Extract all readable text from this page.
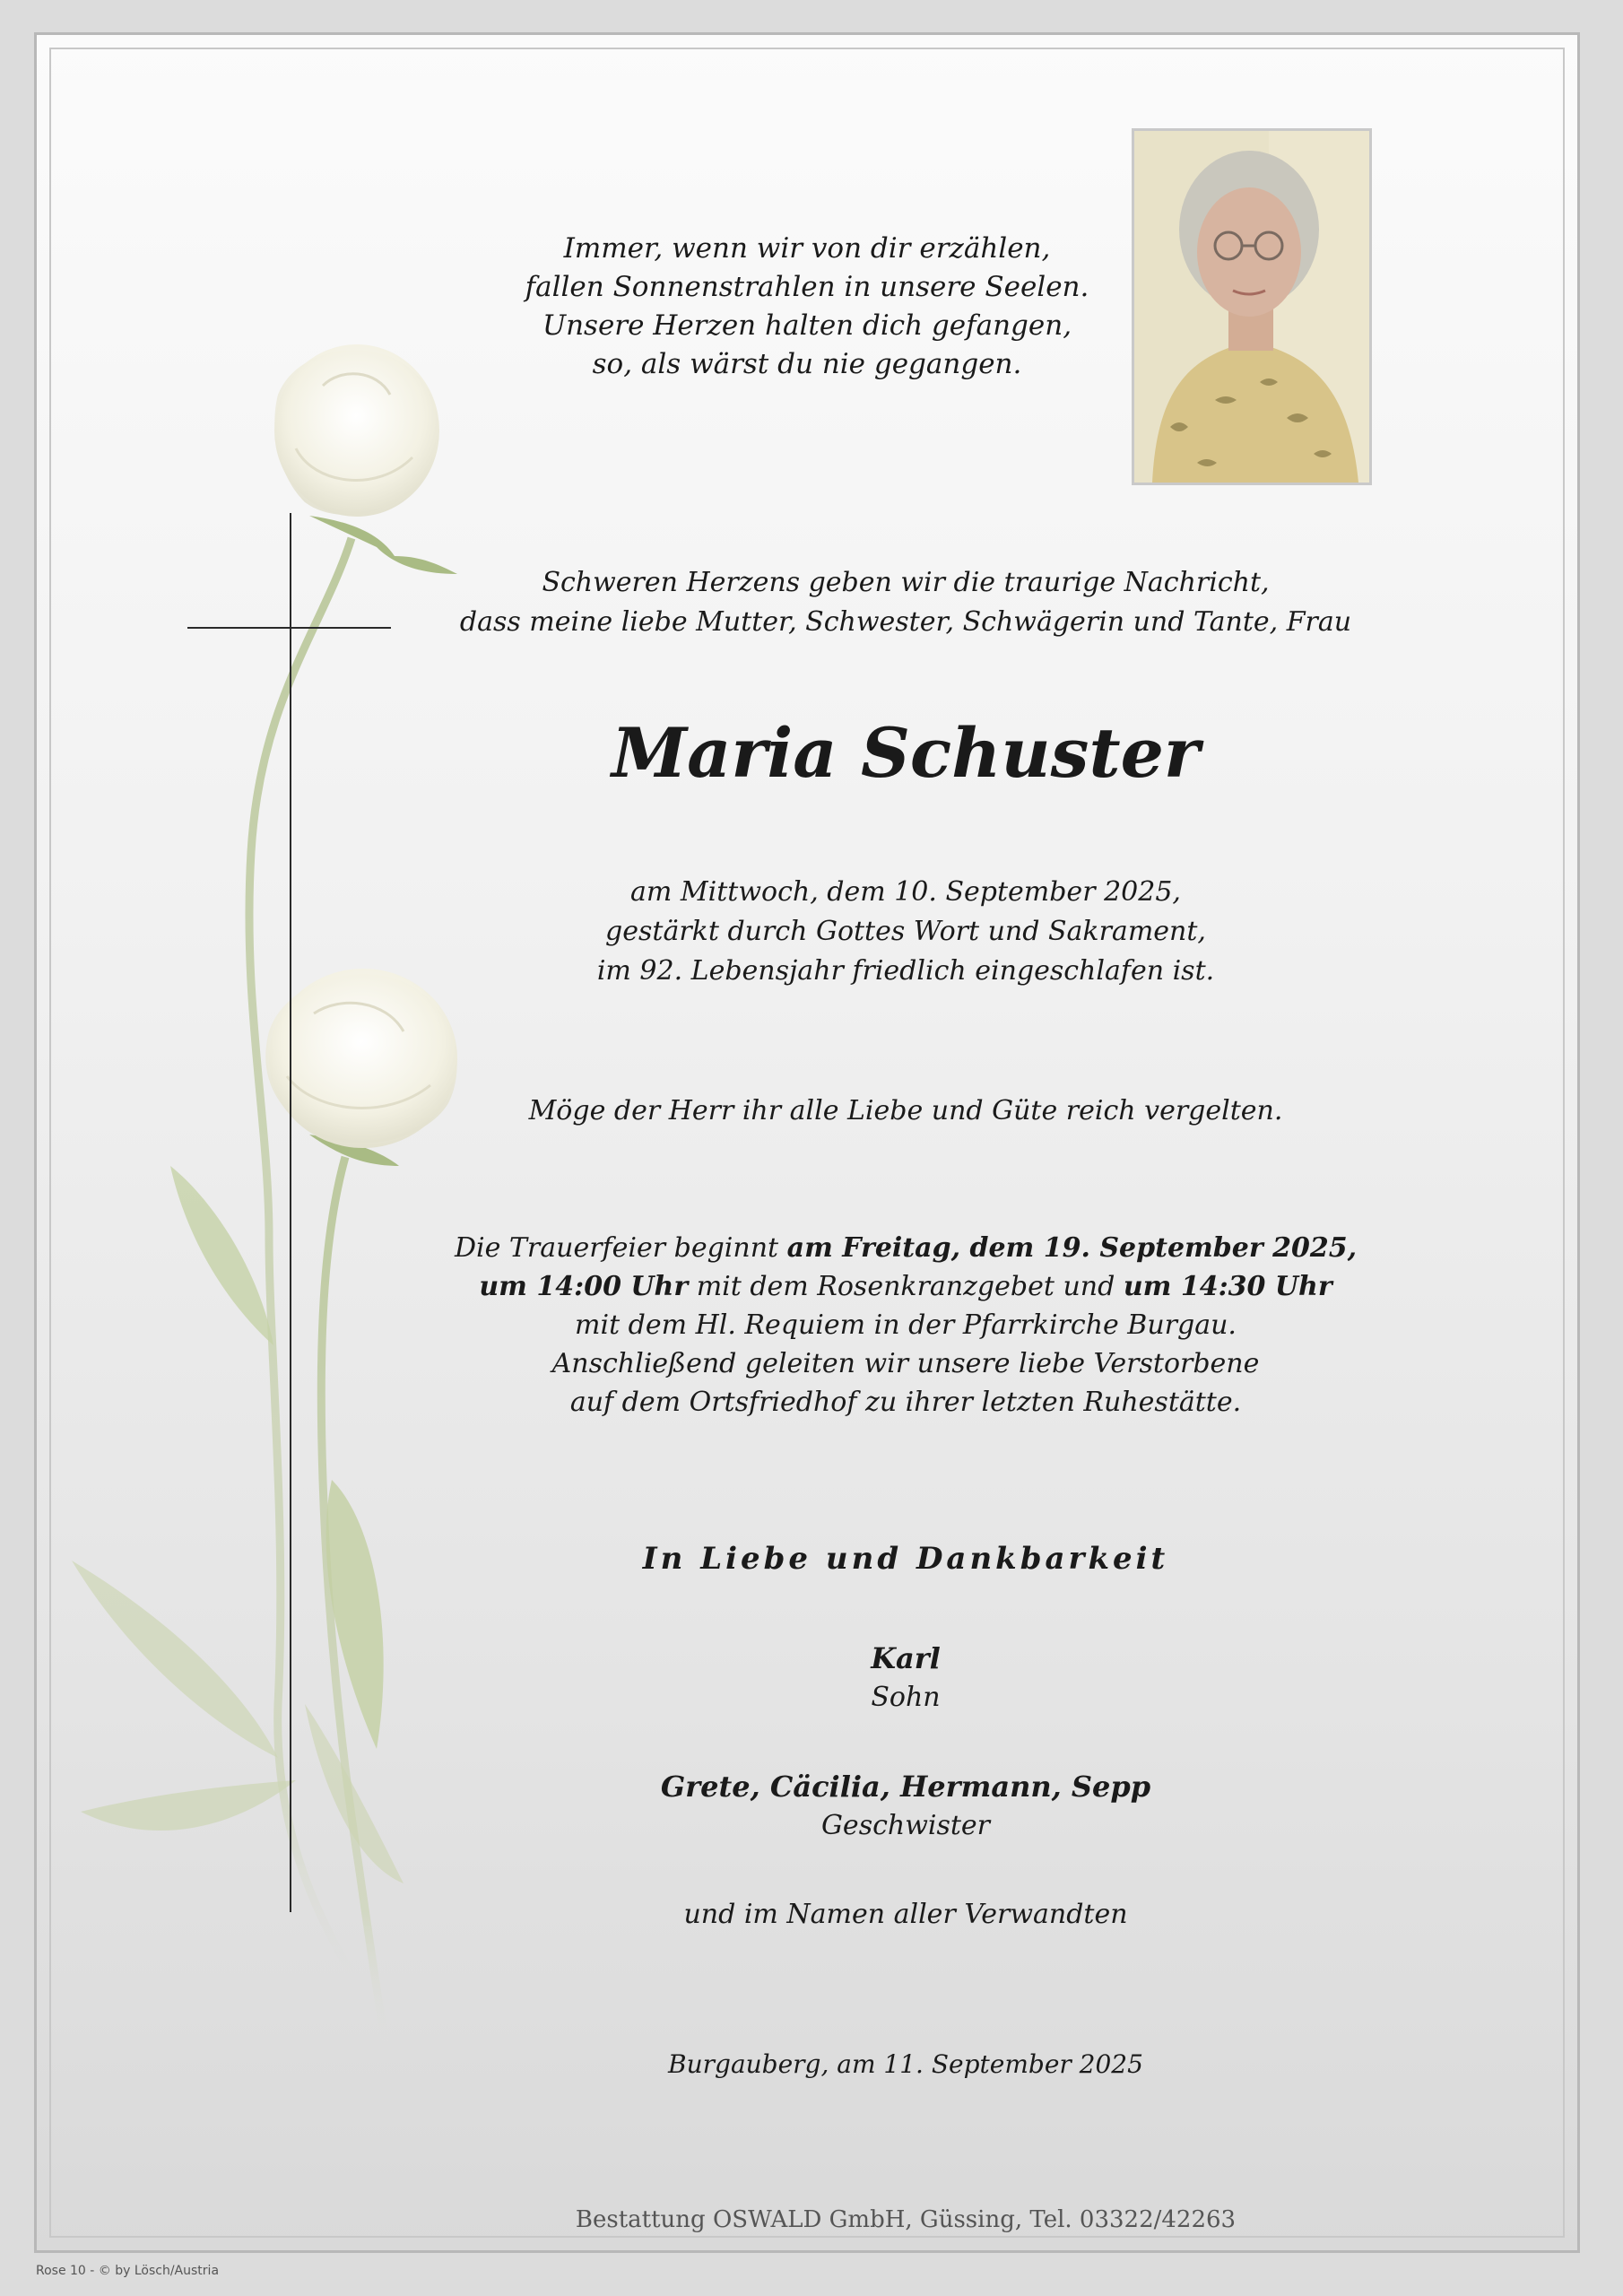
Immer, wenn wir von dir erzählen,
fallen Sonnenstrahlen in unsere Seelen.
Unsere Herzen halten dich gefangen,
so, als wärst du nie gegangen.
Schweren Herzens geben wir die traurige Nachricht,
dass meine liebe Mutter, Schwester, Schwägerin und Tante, Frau
Maria Schuster
am Mittwoch, dem 10. September 2025,
gestärkt durch Gottes Wort und Sakrament,
im 92. Lebensjahr friedlich eingeschlafen ist.
Möge der Herr ihr alle Liebe und Güte reich vergelten.
Die Trauerfeier beginnt am Freitag, dem 19. September 2025,
um 14:00 Uhr mit dem Rosenkranzgebet und um 14:30 Uhr
mit dem Hl. Requiem in der Pfarrkirche Burgau.
Anschließend geleiten wir unsere liebe Verstorbene
auf dem Ortsfriedhof zu ihrer letzten Ruhestätte.
In Liebe und Dankbarkeit
Karl
Sohn
Grete, Cäcilia, Hermann, Sepp
Geschwister
und im Namen aller Verwandten
Burgauberg, am 11. September 2025
Bestattung OSWALD GmbH, Güssing, Tel. 03322/42263
Rose 10 - © by Lösch/Austria
